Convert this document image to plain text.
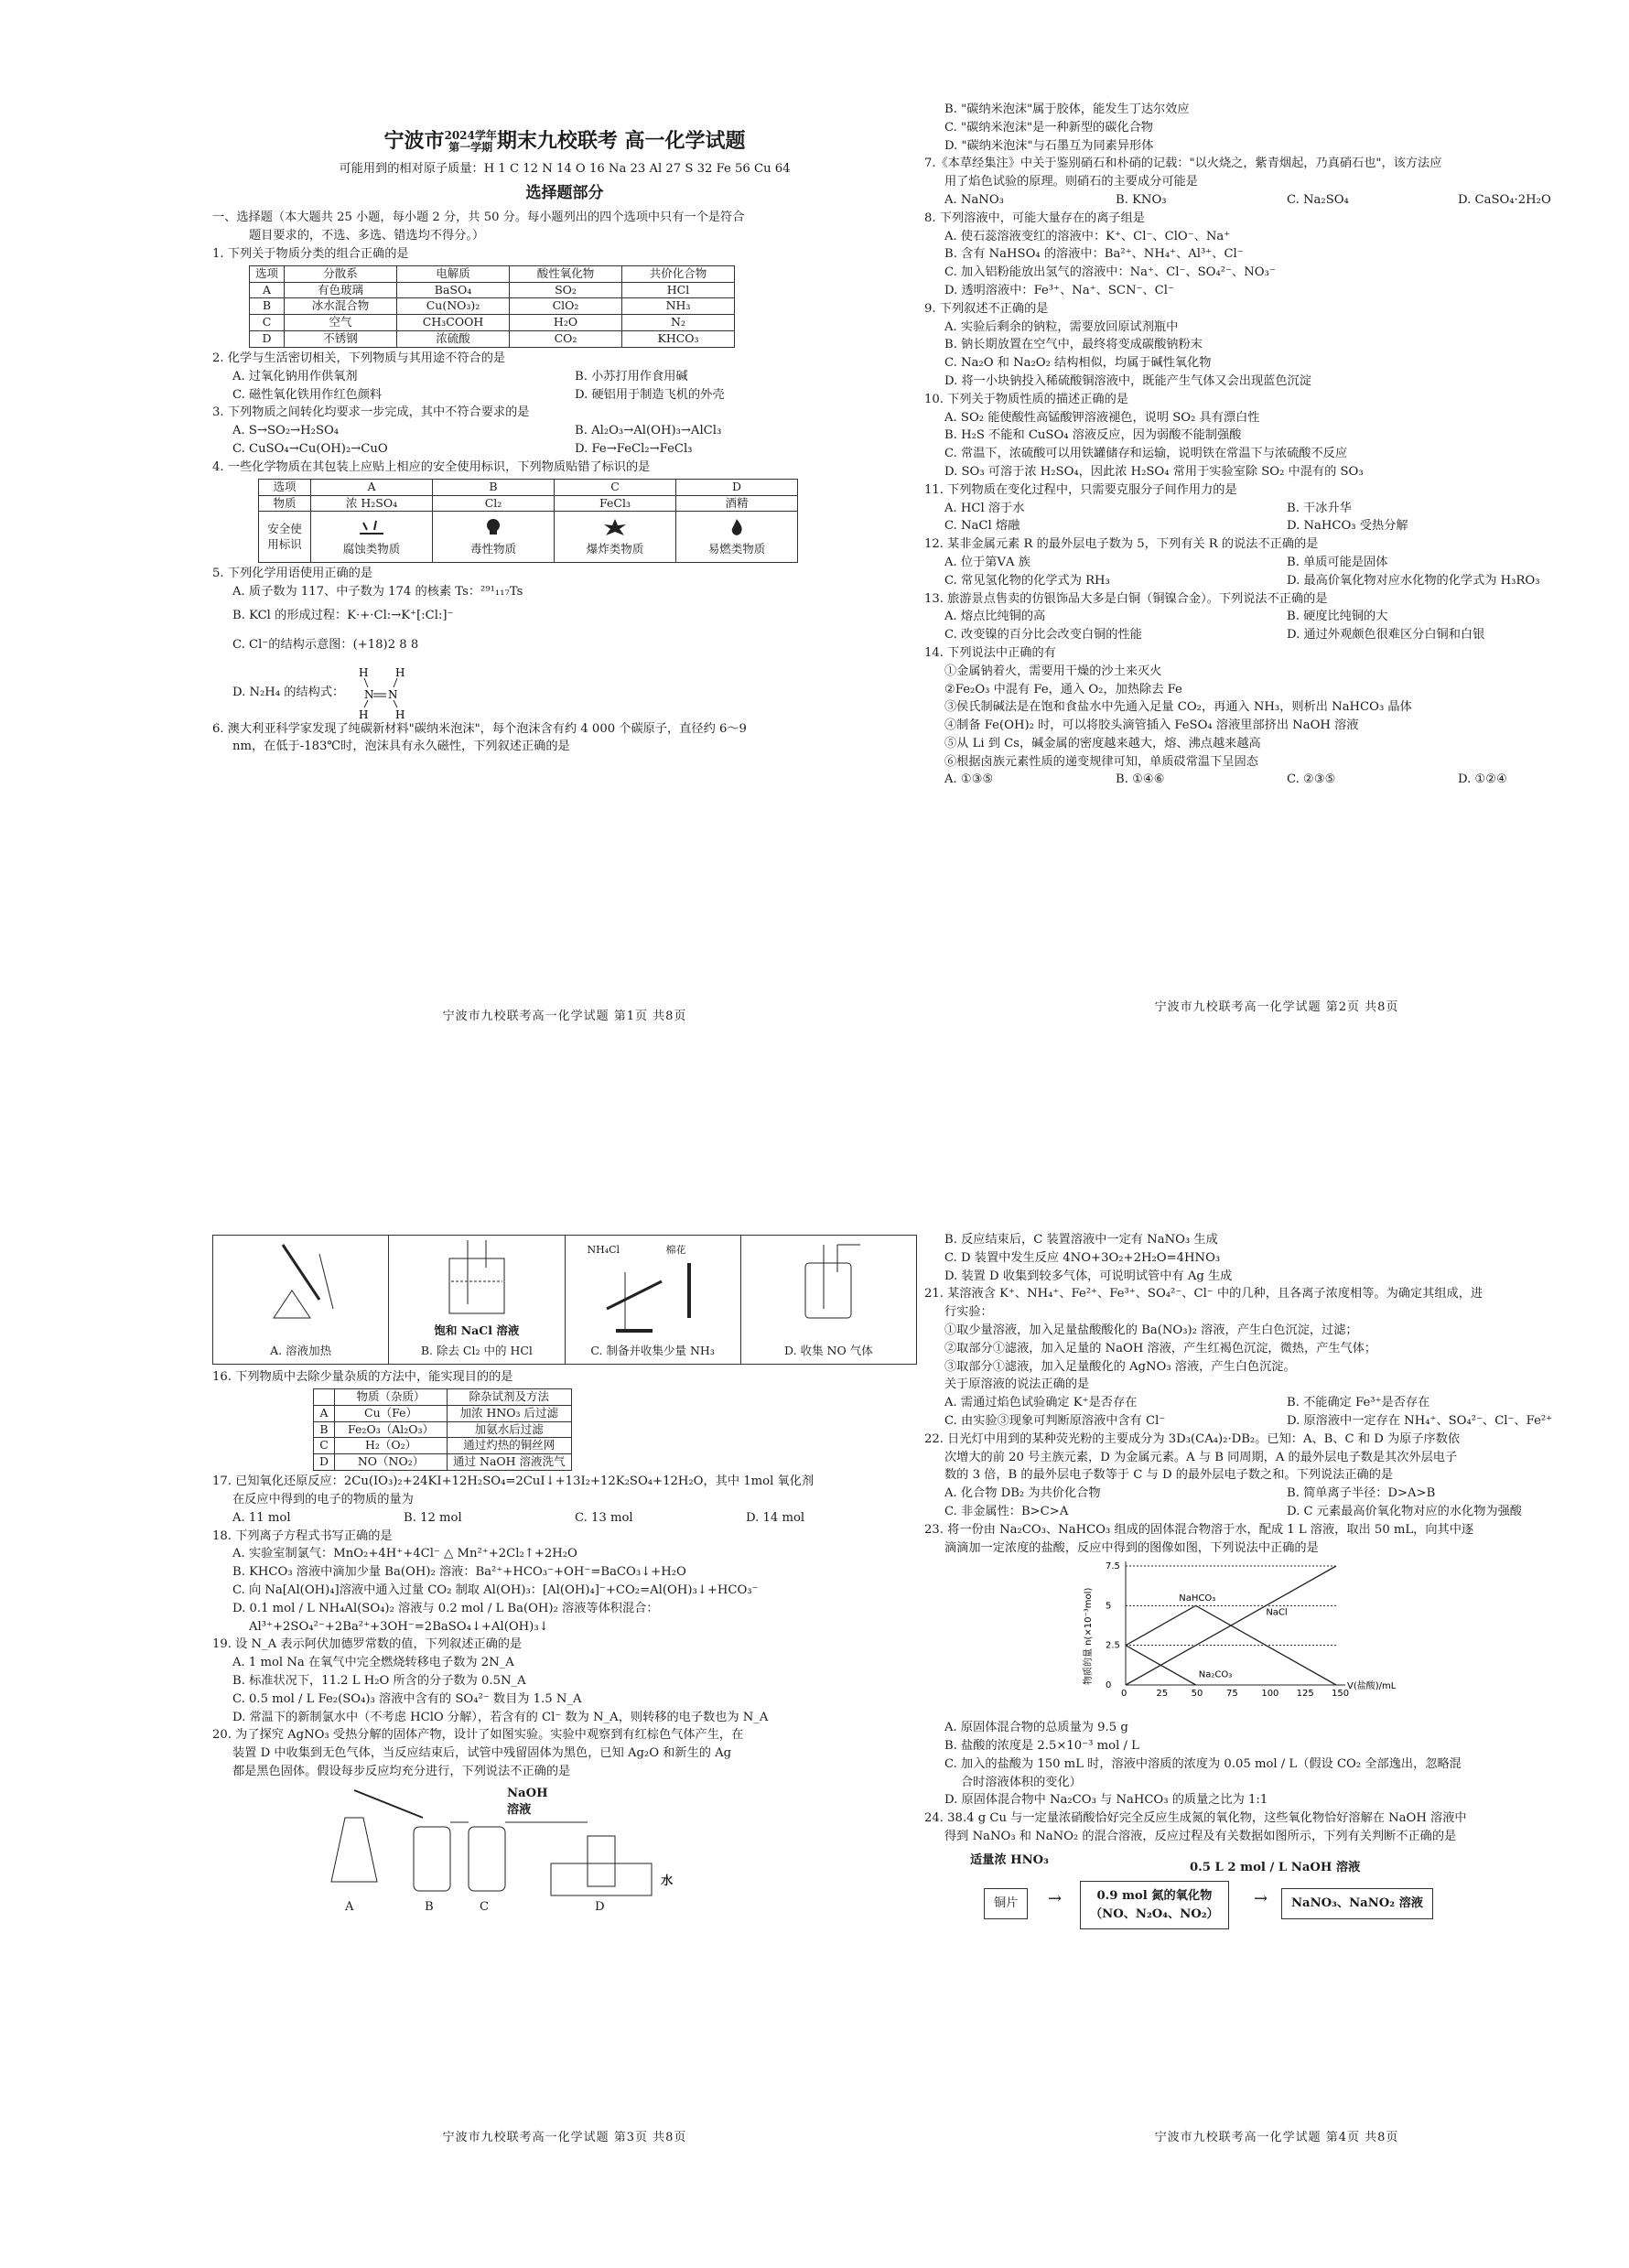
宁波市2024学年
第一学期 期末九校联考 高一化学试题
可能用到的相对原子质量：H 1 C 12 N 14 O 16 Na 23 Al 27 S 32 Fe 56 Cu 64
选择题部分
一、选择题（本大题共 25 小题，每小题 2 分，共 50 分。每小题列出的四个选项中只有一个是符合
题目要求的，不选、多选、错选均不得分。）
1. 下列关于物质分类的组合正确的是
选项	分散系	电解质	酸性氧化物	共价化合物
A	有色玻璃	BaSO₄	SO₂	HCl
B	冰水混合物	Cu(NO₃)₂	ClO₂	NH₃
C	空气	CH₃COOH	H₂O	N₂
D	不锈钢	浓硫酸	CO₂	KHCO₃
2. 化学与生活密切相关，下列物质与其用途不符合的是
A. 过氧化钠用作供氧剂	B. 小苏打用作食用碱
C. 磁性氧化铁用作红色颜料	D. 硬铝用于制造飞机的外壳
3. 下列物质之间转化均要求一步完成，其中不符合要求的是
A. S→SO₂→H₂SO₄	B. Al₂O₃→Al(OH)₃→AlCl₃
C. CuSO₄→Cu(OH)₂→CuO	D. Fe→FeCl₂→FeCl₃
4. 一些化学物质在其包装上应贴上相应的安全使用标识，下列物质贴错了标识的是
选项	A	B	C	D
物质	浓 H₂SO₄	Cl₂	FeCl₃	酒精
安全使用标识	腐蚀类物质	毒性物质	爆炸类物质	易燃类物质
5. 下列化学用语使用正确的是
A. 质子数为 117、中子数为 174 的核素 Ts：²⁹¹₁₁₇Ts
B. KCl 的形成过程：K·+·Cl:→K⁺[:Cl:]⁻
C. Cl⁻的结构示意图：(+18)2 8 8
D. N₂H₄ 的结构式：
H H
H H
N N
6. 澳大利亚科学家发现了纯碳新材料"碳纳米泡沫"，每个泡沫含有约 4 000 个碳原子，直径约 6～9
nm，在低于-183℃时，泡沫具有永久磁性，下列叙述正确的是
宁波市九校联考高一化学试题 第1页 共8页
B. "碳纳米泡沫"属于胶体，能发生丁达尔效应
C. "碳纳米泡沫"是一种新型的碳化合物
D. "碳纳米泡沫"与石墨互为同素异形体
7.《本草经集注》中关于鉴别硝石和朴硝的记载："以火烧之，紫青烟起，乃真硝石也"，该方法应
用了焰色试验的原理。则硝石的主要成分可能是
A. NaNO₃	B. KNO₃	C. Na₂SO₄	D. CaSO₄·2H₂O
8. 下列溶液中，可能大量存在的离子组是
A. 使石蕊溶液变红的溶液中：K⁺、Cl⁻、ClO⁻、Na⁺
B. 含有 NaHSO₄ 的溶液中：Ba²⁺、NH₄⁺、Al³⁺、Cl⁻
C. 加入铝粉能放出氢气的溶液中：Na⁺、Cl⁻、SO₄²⁻、NO₃⁻
D. 透明溶液中：Fe³⁺、Na⁺、SCN⁻、Cl⁻
9. 下列叙述不正确的是
A. 实验后剩余的钠粒，需要放回原试剂瓶中
B. 钠长期放置在空气中，最终将变成碳酸钠粉末
C. Na₂O 和 Na₂O₂ 结构相似，均属于碱性氧化物
D. 将一小块钠投入稀硫酸铜溶液中，既能产生气体又会出现蓝色沉淀
10. 下列关于物质性质的描述正确的是
A. SO₂ 能使酸性高锰酸钾溶液褪色，说明 SO₂ 具有漂白性
B. H₂S 不能和 CuSO₄ 溶液反应，因为弱酸不能制强酸
C. 常温下，浓硫酸可以用铁罐储存和运输，说明铁在常温下与浓硫酸不反应
D. SO₃ 可溶于浓 H₂SO₄，因此浓 H₂SO₄ 常用于实验室除 SO₂ 中混有的 SO₃
11. 下列物质在变化过程中，只需要克服分子间作用力的是
A. HCl 溶于水	B. 干冰升华
C. NaCl 熔融	D. NaHCO₃ 受热分解
12. 某非金属元素 R 的最外层电子数为 5，下列有关 R 的说法不正确的是
A. 位于第ⅤA 族	B. 单质可能是固体
C. 常见氢化物的化学式为 RH₃	D. 最高价氧化物对应水化物的化学式为 H₃RO₃
13. 旅游景点售卖的仿银饰品大多是白铜（铜镍合金）。下列说法不正确的是
A. 熔点比纯铜的高	B. 硬度比纯铜的大
C. 改变镍的百分比会改变白铜的性能	D. 通过外观颇色很难区分白铜和白银
14. 下列说法中正确的有
①金属钠着火，需要用干燥的沙土来灭火
②Fe₂O₃ 中混有 Fe，通入 O₂，加热除去 Fe
③侯氏制碱法是在饱和食盐水中先通入足量 CO₂，再通入 NH₃，则析出 NaHCO₃ 晶体
④制备 Fe(OH)₂ 时，可以将胶头滴管插入 FeSO₄ 溶液里部挤出 NaOH 溶液
⑤从 Li 到 Cs，碱金属的密度越来越大，熔、沸点越来越高
⑥根据卤族元素性质的递变规律可知，单质砹常温下呈固态
A. ①③⑤	B. ①④⑥	C. ②③⑤	D. ①②④
宁波市九校联考高一化学试题 第2页 共8页
A. 溶液加热
饱和 NaCl 溶液
B. 除去 Cl₂ 中的 HCl
NH₄Cl	棉花
C. 制备并收集少量 NH₃	D. 收集 NO 气体
16. 下列物质中去除少量杂质的方法中，能实现目的的是
	物质（杂质）	除杂试剂及方法
A	Cu（Fe）	加浓 HNO₃ 后过滤
B	Fe₂O₃（Al₂O₃）	加氨水后过滤
C	H₂（O₂）	通过灼热的铜丝网
D	NO（NO₂）	通过 NaOH 溶液洗气
17. 已知氧化还原反应：2Cu(IO₃)₂+24KI+12H₂SO₄=2CuI↓+13I₂+12K₂SO₄+12H₂O，其中 1mol 氧化剂
在反应中得到的电子的物质的量为
A. 11 mol	B. 12 mol	C. 13 mol	D. 14 mol
18. 下列离子方程式书写正确的是
A. 实验室制氯气：MnO₂+4H⁺+4Cl⁻ △ Mn²⁺+2Cl₂↑+2H₂O
B. KHCO₃ 溶液中滴加少量 Ba(OH)₂ 溶液：Ba²⁺+HCO₃⁻+OH⁻=BaCO₃↓+H₂O
C. 向 Na[Al(OH)₄]溶液中通入过量 CO₂ 制取 Al(OH)₃：[Al(OH)₄]⁻+CO₂=Al(OH)₃↓+HCO₃⁻
D. 0.1 mol / L NH₄Al(SO₄)₂ 溶液与 0.2 mol / L Ba(OH)₂ 溶液等体积混合：
Al³⁺+2SO₄²⁻+2Ba²⁺+3OH⁻=2BaSO₄↓+Al(OH)₃↓
19. 设 N_A 表示阿伏加德罗常数的值，下列叙述正确的是
A. 1 mol Na 在氧气中完全燃烧转移电子数为 2N_A
B. 标准状况下，11.2 L H₂O 所含的分子数为 0.5N_A
C. 0.5 mol / L Fe₂(SO₄)₃ 溶液中含有的 SO₄²⁻ 数目为 1.5 N_A
D. 常温下的新制氯水中（不考虑 HClO 分解），若含有的 Cl⁻ 数为 N_A，则转移的电子数也为 N_A
20. 为了探究 AgNO₃ 受热分解的固体产物，设计了如图实验。实验中观察到有红棕色气体产生，在
装置 D 中收集到无色气体，当反应结束后，试管中残留固体为黑色，已知 Ag₂O 和新生的 Ag
都是黑色固体。假设每步反应均充分进行，下列说法不正确的是
A	B	C	D
NaOH
溶液
水
宁波市九校联考高一化学试题 第3页 共8页
B. 反应结束后，C 装置溶液中一定有 NaNO₃ 生成
C. D 装置中发生反应 4NO+3O₂+2H₂O=4HNO₃
D. 装置 D 收集到较多气体，可说明试管中有 Ag 生成
21. 某溶液含 K⁺、NH₄⁺、Fe²⁺、Fe³⁺、SO₄²⁻、Cl⁻ 中的几种，且各离子浓度相等。为确定其组成，进
行实验：
①取少量溶液，加入足量盐酸酸化的 Ba(NO₃)₂ 溶液，产生白色沉淀，过滤；
②取部分①滤液，加入足量的 NaOH 溶液，产生红褐色沉淀，微热，产生气体；
③取部分①滤液，加入足量酸化的 AgNO₃ 溶液，产生白色沉淀。
关于原溶液的说法正确的是
A. 需通过焰色试验确定 K⁺是否存在	B. 不能确定 Fe³⁺是否存在
C. 由实验③现象可判断原溶液中含有 Cl⁻	D. 原溶液中一定存在 NH₄⁺、SO₄²⁻、Cl⁻、Fe²⁺
22. 日光灯中用到的某种荧光粉的主要成分为 3D₃(CA₄)₂·DB₂。已知：A、B、C 和 D 为原子序数依
次增大的前 20 号主族元素，D 为金属元素。A 与 B 同周期，A 的最外层电子数是其次外层电子
数的 3 倍，B 的最外层电子数等于 C 与 D 的最外层电子数之和。下列说法正确的是
A. 化合物 DB₂ 为共价化合物	B. 简单离子半径：D>A>B
C. 非金属性：B>C>A	D. C 元素最高价氧化物对应的水化物为强酸
23. 将一份由 Na₂CO₃、NaHCO₃ 组成的固体混合物溶于水，配成 1 L 溶液，取出 50 mL，向其中逐
滴滴加一定浓度的盐酸，反应中得到的图像如图，下列说法中正确的是
0	25	50	75	100 125 150
0
2.5
5
7.5
V(盐酸)/mL
物质的量 n(×10⁻³mol)	NaHCO₃
NaCl
Na₂CO₃
A. 原固体混合物的总质量为 9.5 g
B. 盐酸的浓度是 2.5×10⁻³ mol / L
C. 加入的盐酸为 150 mL 时，溶液中溶质的浓度为 0.05 mol / L（假设 CO₂ 全部逸出，忽略混
合时溶液体积的变化）
D. 原固体混合物中 Na₂CO₃ 与 NaHCO₃ 的质量之比为 1:1
24. 38.4 g Cu 与一定量浓硝酸恰好完全反应生成氮的氧化物，这些氧化物恰好溶解在 NaOH 溶液中
得到 NaNO₃ 和 NaNO₂ 的混合溶液，反应过程及有关数据如图所示，下列有关判断不正确的是
适量浓 HNO₃
0.5 L 2 mol / L NaOH 溶液
铜片
0.9 mol 氮的氧化物
（NO、N₂O₄、NO₂）
NaNO₃、NaNO₂ 溶液
→	→
宁波市九校联考高一化学试题 第4页 共8页
